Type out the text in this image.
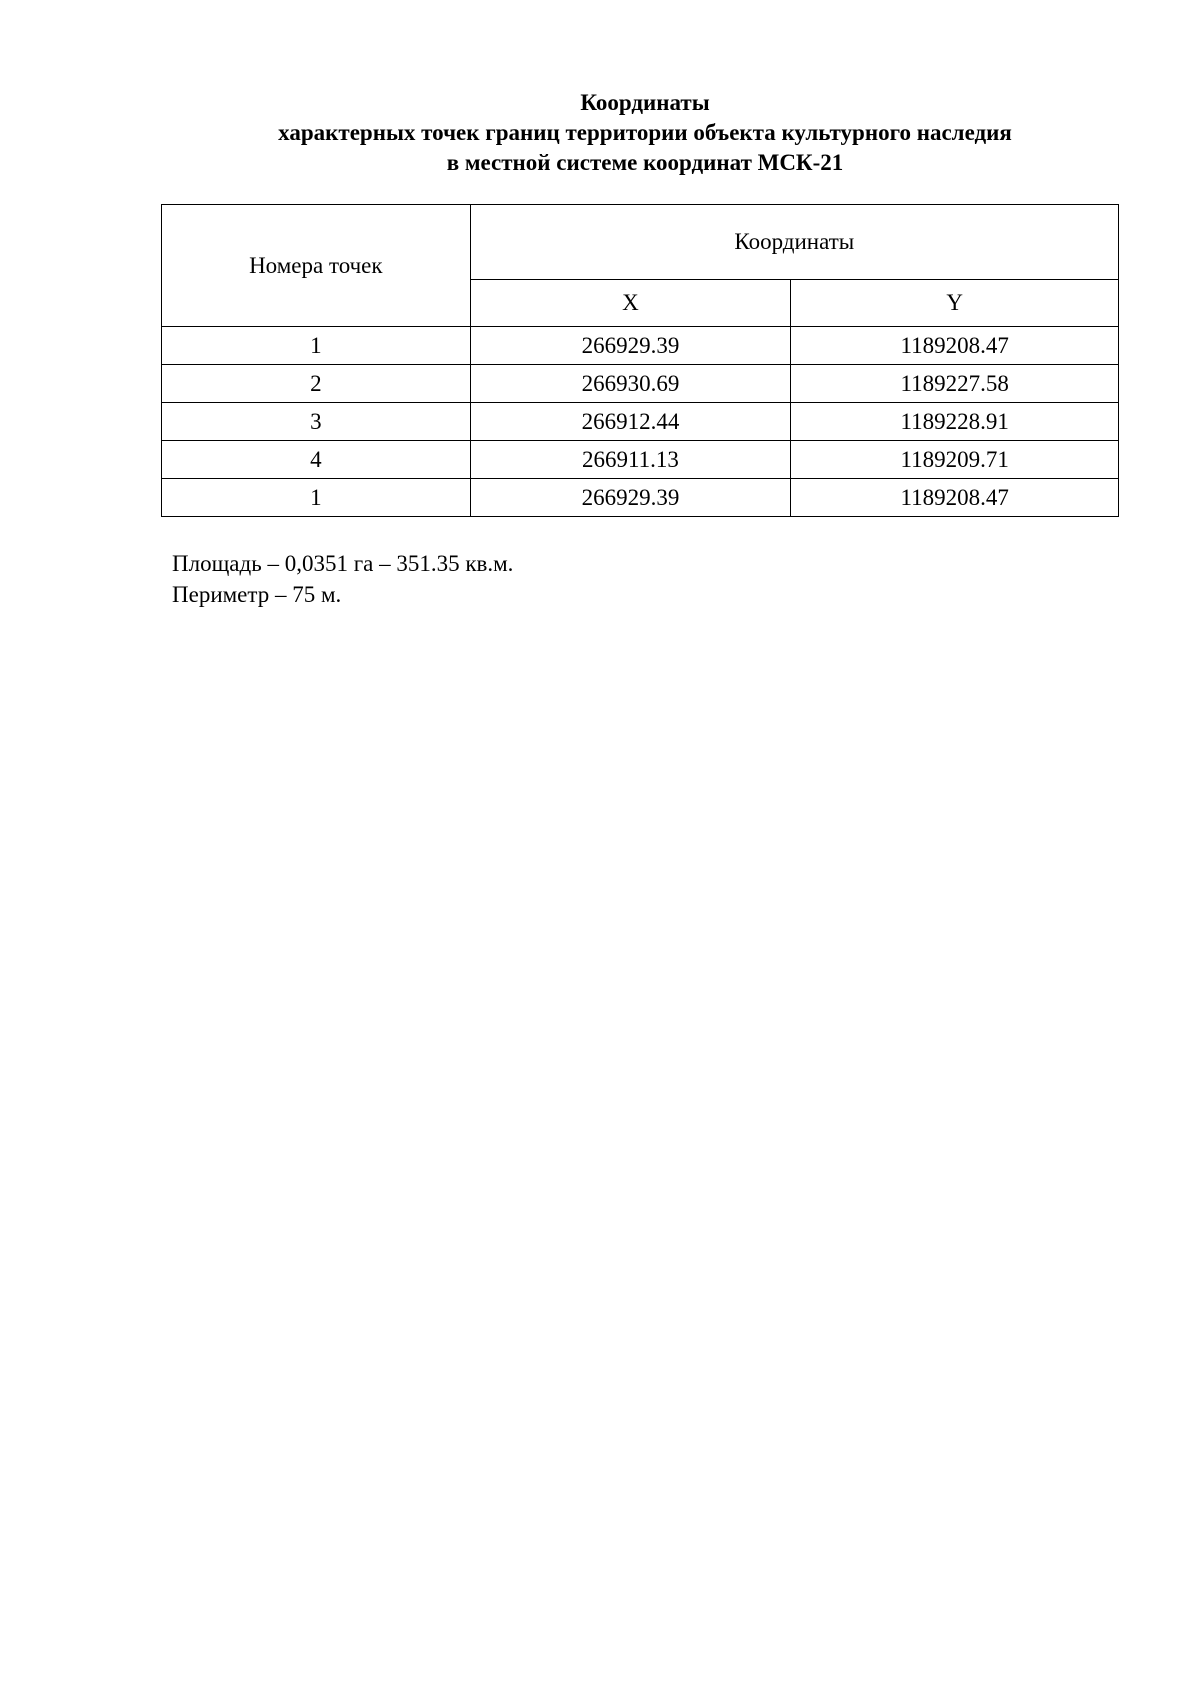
Координаты
характерных точек границ территории объекта культурного наследия
в местной системе координат МСК-21
Номера точек	Координаты	
	X	Y
1	266929.39	1189208.47
2	266930.69	1189227.58
3	266912.44	1189228.91
4	266911.13	1189209.71
1	266929.39	1189208.47
Площадь – 0,0351 га – 351.35 кв.м.
Периметр – 75 м.
